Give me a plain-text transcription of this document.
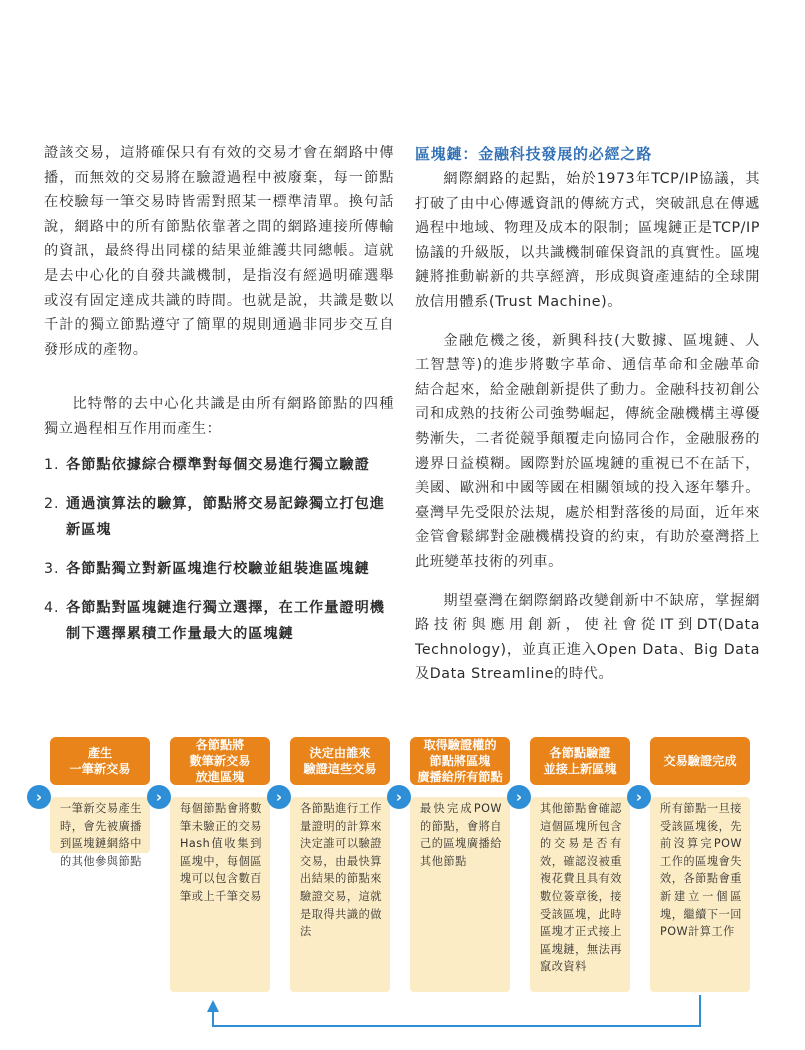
證該交易，這將確保只有有效的交易才會在網路中傳播，而無效的交易將在驗證過程中被廢棄，每一節點在校驗每一筆交易時皆需對照某一標準清單。換句話說，網路中的所有節點依靠著之間的網路連接所傳輸的資訊，最終得出同樣的結果並維護共同總帳。這就是去中心化的自發共識機制，是指沒有經過明確選舉或沒有固定達成共識的時間。也就是說，共識是數以千計的獨立節點遵守了簡單的規則通過非同步交互自發形成的產物。

比特幣的去中心化共識是由所有網路節點的四種獨立過程相互作用而產生：

1. 各節點依據綜合標準對每個交易進行獨立驗證
2. 通過演算法的驗算，節點將交易記錄獨立打包進新區塊
3. 各節點獨立對新區塊進行校驗並組裝進區塊鏈
4. 各節點對區塊鏈進行獨立選擇，在工作量證明機制下選擇累積工作量最大的區塊鏈
區塊鏈：金融科技發展的必經之路

網際網路的起點，始於1973年TCP/IP協議，其打破了由中心傳遞資訊的傳統方式，突破訊息在傳遞過程中地域、物理及成本的限制；區塊鏈正是TCP/IP協議的升級版，以共識機制確保資訊的真實性。區塊鏈將推動嶄新的共享經濟，形成與資產連結的全球開放信用體系(Trust Machine)。

金融危機之後，新興科技(大數據、區塊鏈、人工智慧等)的進步將數字革命、通信革命和金融革命結合起來，給金融創新提供了動力。金融科技初創公司和成熟的技術公司強勢崛起，傳統金融機構主導優勢漸失，二者從競爭顛覆走向協同合作，金融服務的邊界日益模糊。國際對於區塊鏈的重視已不在話下，美國、歐洲和中國等國在相關領域的投入逐年攀升。臺灣早先受限於法規，處於相對落後的局面，近年來金管會鬆綁對金融機構投資的約束，有助於臺灣搭上此班變革技術的列車。

期望臺灣在網際網路改變創新中不缺席，掌握網路技術與應用創新，使社會從IT到DT(Data Technology)，並真正進入Open Data、Big Data及Data Streamline的時代。

產生
一筆新交易
一筆新交易產生時，會先被廣播到區塊鏈網絡中的其他參與節點
各節點將
數筆新交易
放進區塊
每個節點會將數筆未驗正的交易Hash值收集到區塊中，每個區塊可以包含數百筆或上千筆交易
決定由誰來
驗證這些交易
各節點進行工作量證明的計算來決定誰可以驗證交易，由最快算出結果的節點來驗證交易，這就是取得共識的做法
取得驗證權的
節點將區塊
廣播給所有節點
最快完成POW的節點，會將自己的區塊廣播給其他節點
各節點驗證
並接上新區塊
其他節點會確認這個區塊所包含的交易是否有效，確認沒被重複花費且具有效數位簽章後，接受該區塊，此時區塊才正式接上區塊鏈，無法再竄改資料
交易驗證完成
所有節點一旦接受該區塊後，先前沒算完POW工作的區塊會失效，各節點會重新建立一個區塊，繼續下一回POW計算工作
›	›	›	›	›	›
